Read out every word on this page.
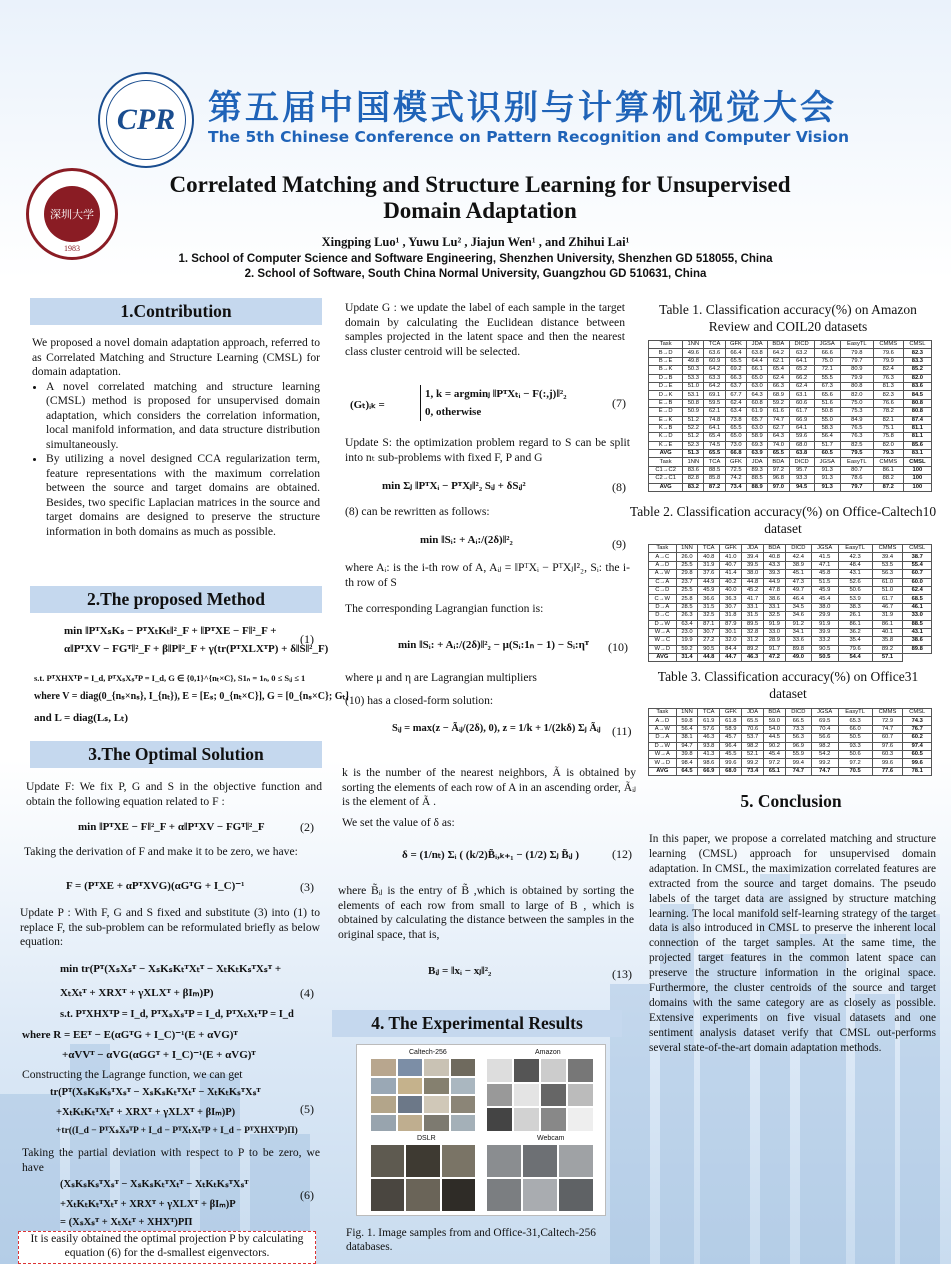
CPR 第五届中国模式识别与计算机视觉大会
The 5th Chinese Conference on Pattern Recognition and Computer Vision
深圳大学
1983
Correlated Matching and Structure Learning for Unsupervised
Domain Adaptation
Xingping Luo¹ , Yuwu Lu² , Jiajun Wen¹ , and Zhihui Lai¹
1. School of Computer Science and Software Engineering, Shenzhen University, Shenzhen GD 518055, China
2. School of Software, South China Normal University, Guangzhou GD 510631, China
1.Contribution
We proposed a novel domain adaptation approach, referred to as Correlated Matching and Structure Learning (CMSL) for domain adaptation.
• A novel correlated matching and structure learning (CMSL) method is proposed for unsupervised domain adaptation, which considers the correlation information, local manifold information, and data structure distribution simultaneously.
• By utilizing a novel designed CCA regularization term, feature representations with the maximum correlation between the source and target domains are obtained. Besides, two specific Laplacian matrices in the source and target domains are designed to preserve the structure information in both domains as much as possible.
2.The proposed Method
min ‖PᵀXₛKₛ − PᵀXₜKₜ‖²_F + ‖PᵀXE − F‖²_F +
α‖PᵀXV − FGᵀ‖²_F + β‖P‖²_F + γ(tr(PᵀXLXᵀP) + δ‖S‖²_F)
(1)
s.t. PᵀXHXᵀP = I_d, PᵀXₛXₛᵀP = I_d, G ∈ {0,1}^{nₜ×C}, S1ₙ = 1ₙ, 0 ≤ Sᵢⱼ ≤ 1
where V = diag(0_{nₛ×nₛ}, I_{nₜ}), E = [Eₛ; 0_{nₜ×C}], G = [0_{nₛ×C}; Gₜ]
and L = diag(Lₛ, Lₜ)
3.The Optimal Solution
Update F: We fix P, G and S in the objective function and obtain the following equation related to F :
min ‖PᵀXE − F‖²_F + α‖PᵀXV − FGᵀ‖²_F	(2)
Taking the derivation of F and make it to be zero, we have:
F = (PᵀXE + αPᵀXVG)(αGᵀG + I_C)⁻¹	(3)
Update P : With F, G and S fixed and substitute (3) into (1) to replace F, the sub-problem can be reformulated briefly as below equation:
min tr(Pᵀ(XₛXₛᵀ − XₛKₛKₜᵀXₜᵀ − XₜKₜKₛᵀXₛᵀ +
XₜXₜᵀ + XRXᵀ + γXLXᵀ + βIₘ)P)	(4)
s.t. PᵀXHXᵀP = I_d, PᵀXₛXₛᵀP = I_d, PᵀXₜXₜᵀP = I_d
where R = EEᵀ − E(αGᵀG + I_C)⁻¹(E + αVG)ᵀ
+αVVᵀ − αVG(αGGᵀ + I_C)⁻¹(E + αVG)ᵀ
Constructing the Lagrange function, we can get
tr(Pᵀ(XₛKₛKₛᵀXₛᵀ − XₛKₛKₜᵀXₜᵀ − XₜKₜKₛᵀXₛᵀ
+XₜKₜKₜᵀXₜᵀ + XRXᵀ + γXLXᵀ + βIₘ)P)
+tr((I_d − PᵀXₛXₛᵀP + I_d − PᵀXₜXₜᵀP + I_d − PᵀXHXᵀP)Π)
(5)
Taking the partial deviation with respect to P to be zero, we have
(XₛKₛKₛᵀXₛᵀ − XₛKₛKₜᵀXₜᵀ − XₜKₜKₛᵀXₛᵀ
+XₜKₜKₜᵀXₜᵀ + XRXᵀ + γXLXᵀ + βIₘ)P
= (XₛXₛᵀ + XₜXₜᵀ + XHXᵀ)PΠ
(6)
It is easily obtained the optimal projection P by calculating equation (6) for the d-smallest eigenvectors.
Update G : we update the label of each sample in the target domain by calculating the Euclidean distance between samples projected in the latent space and then the nearest class cluster centroid will be selected.
(Gₜ)ᵢₖ =
1, k = argminⱼ ‖PᵀXₜᵢ − F(:,j)‖²₂
0, otherwise
(7)
Update S: the optimization problem regard to S can be split into nₜ sub-problems with fixed F, P and G
min Σⱼ ‖PᵀXᵢ − PᵀXⱼ‖²₂ Sᵢⱼ + δSᵢⱼ²	(8)
(8) can be rewritten as follows:
min ‖Sᵢ: + Aᵢ:/(2δ)‖²₂	(9)
where Aᵢ: is the i-th row of A, Aᵢⱼ = ‖PᵀXᵢ − PᵀXⱼ‖²₂, Sᵢ: the i-th row of S
The corresponding Lagrangian function is:
min ‖Sᵢ: + Aᵢ:/(2δ)‖²₂ − μ(Sᵢ:1ₙ − 1) − Sᵢ:ηᵀ (10)
where μ and η are Lagrangian multipliers
(10) has a closed-form solution:
Sᵢⱼ = max(z − Ãᵢⱼ/(2δ), 0), z = 1/k + 1/(2kδ) Σⱼ Ãᵢⱼ (11)
k is the number of the nearest neighbors, Ã is obtained by sorting the elements of each row of A in an ascending order, Ãᵢⱼ is the element of Ã .
We set the value of δ as:
δ = (1/nₜ) Σᵢ ( (k/2)B̃ᵢ,ₖ₊₁ − (1/2) Σⱼ B̃ᵢⱼ )	(12)
where B̃ᵢⱼ is the entry of B̃ ,which is obtained by sorting the elements of each row from small to large of B , which is obtained by calculating the distance between the samples in the original space, that is,
Bᵢⱼ = ‖xᵢ − xⱼ‖²₂	(13)
4. The Experimental Results
Caltech-256	Amazon
DSLR	Webcam
Fig. 1. Image samples from and Office-31,Caltech-256 databases.
Table 1. Classification accuracy(%) on Amazon Review and COIL20 datasets
Task	1NN	TCA	GFK	JDA	BDA	DICD	JGSA	EasyTL	CMMS	CMSL
B→D	49.6	63.6	66.4	63.8	64.2	63.2	66.6	79.8	79.6	82.3
B→E	49.8	60.9	65.5	64.4	62.1	64.1	75.0	79.7	79.9	83.3
B→K	50.3	64.2	69.2	66.1	65.4	65.2	72.1	80.9	82.4	85.2
D→B	53.3	63.3	66.3	65.0	62.4	66.2	55.5	79.9	76.3	82.0
D→E	51.0	64.2	63.7	63.0	66.3	62.4	67.3	80.8	81.3	83.6
D→K	53.1	69.1	67.7	64.3	68.9	63.1	65.6	82.0	82.3	84.5
E→B	50.8	59.5	62.4	60.8	59.2	60.6	51.6	75.0	76.6	80.8
E→D	50.9	62.1	63.4	61.9	61.6	61.7	50.8	75.3	78.2	80.8
E→K	51.2	74.8	73.8	65.7	74.7	66.9	55.0	84.9	82.1	87.4
K→B	52.2	64.1	65.5	63.0	62.7	64.1	58.3	76.5	75.1	81.1
K→D	51.2	65.4	65.0	58.9	64.3	59.6	56.4	76.3	75.8	81.1
K→E	52.3	74.5	73.0	69.3	74.0	68.0	51.7	82.5	82.0	85.6
AVG	51.3	65.5	66.8	63.9	65.5	63.8	60.5	79.5	79.3	83.1
Task	1NN	TCA	GFK	JDA	BDA	DICD	JGSA	EasyTL	CMMS	CMSL
C1→C2	83.6	88.5	72.5	89.3	97.2	95.7	91.3	80.7	86.1	100
C2→C1	82.8	85.8	74.2	88.5	96.8	93.3	91.3	78.6	88.2	100
AVG	83.2	87.2	73.4	88.9	97.0	94.5	91.3	79.7	87.2	100
Table 2. Classification accuracy(%) on Office-Caltech10 dataset
Task	1NN	TCA	GFK	JDA	BDA	DICD	JGSA	EasyTL	CMMS	CMSL
A→C	26.0	40.8	41.0	39.4	40.8	42.4	41.5	42.3	39.4	38.7
A→D	25.5	31.9	40.7	39.5	43.3	38.9	47.1	48.4	53.5	55.4
A→W	29.8	37.6	41.4	38.0	39.3	45.1	45.8	43.1	56.3	60.7
C→A	23.7	44.9	40.2	44.8	44.9	47.3	51.5	52.6	61.0	60.0
C→D	25.5	45.9	40.0	45.2	47.8	49.7	45.9	50.6	51.0	62.4
C→W	25.8	36.6	36.3	41.7	38.6	46.4	45.4	53.9	61.7	68.5
D→A	28.5	31.5	30.7	33.1	33.1	34.5	38.0	38.3	46.7	46.1
D→C	26.3	32.5	31.8	31.5	32.5	34.6	29.9	26.1	31.9	33.0
D→W	63.4	87.1	87.9	89.5	91.9	91.2	91.9	86.1	86.1	88.5
W→A	23.0	30.7	30.1	32.8	33.0	34.1	39.9	36.2	40.1	43.1
W→C	19.9	27.2	32.0	31.2	28.9	33.6	33.2	35.4	35.8	38.6
W→D	59.2	90.5	84.4	89.2	91.7	89.8	90.5	79.6	89.2	89.8
AVG	31.4	44.8	44.7	46.3	47.2	49.0	50.5	54.4	57.1	
Table 3. Classification accuracy(%) on Office31 dataset
Task	1NN	TCA	GFK	JDA	BDA	DICD	JGSA	EasyTL	CMMS	CMSL
A→D	59.8	61.9	61.8	65.5	59.0	66.5	69.5	65.3	72.9	74.3
A→W	56.4	57.6	58.9	70.6	54.0	73.3	70.4	66.0	74.7	76.7
D→A	38.1	46.3	45.7	53.7	44.5	56.3	56.6	50.5	60.7	60.2
D→W	94.7	93.8	96.4	98.2	90.2	96.9	98.2	93.3	97.6	97.4
W→A	39.8	41.3	45.5	52.1	45.4	55.9	54.2	50.6	60.3	60.5
W→D	98.4	98.6	99.6	99.2	97.2	99.4	99.2	97.2	99.6	99.6
AVG	64.5	66.9	68.0	73.4	65.1	74.7	74.7	70.5	77.6	78.1
5. Conclusion
In this paper, we propose a correlated matching and structure learning (CMSL) approach for unsupervised domain adaptation. In CMSL, the maximization correlated features are extracted from the source and target domains. The pseudo labels of the target data are assigned by structure matching learning. The local manifold self-learning strategy of the target data is also introduced in CMSL to preserve the inherent local connection of the target samples. At the same time, the projected target features in the common latent space can preserve the structure information in the original space. Furthermore, the cluster centroids of the source and target domains with the same category are as closely as possible. Extensive experiments on five visual datasets and one sentiment analysis dataset verify that CMSL out-performs several state-of-the-art domain adaptation methods.
